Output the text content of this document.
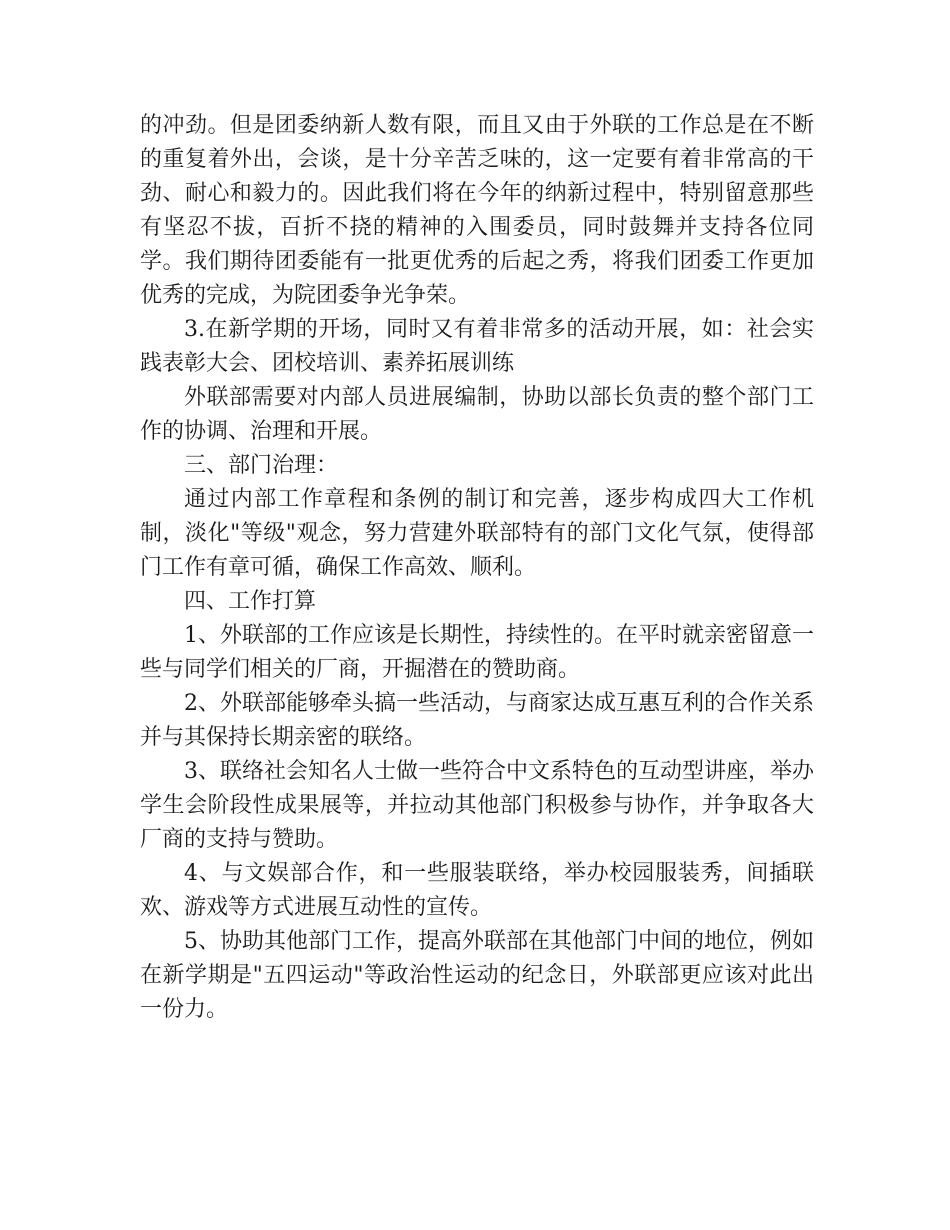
的冲劲。但是团委纳新人数有限，而且又由于外联的工作总是在不断的重复着外出，会谈，是十分辛苦乏味的，这一定要有着非常高的干劲、耐心和毅力的。因此我们将在今年的纳新过程中，特别留意那些有坚忍不拔，百折不挠的精神的入围委员，同时鼓舞并支持各位同学。我们期待团委能有一批更优秀的后起之秀，将我们团委工作更加优秀的完成，为院团委争光争荣。

3.在新学期的开场，同时又有着非常多的活动开展，如：社会实践表彰大会、团校培训、素养拓展训练

外联部需要对内部人员进展编制，协助以部长负责的整个部门工作的协调、治理和开展。

三、部门治理：

通过内部工作章程和条例的制订和完善，逐步构成四大工作机制，淡化"等级"观念，努力营建外联部特有的部门文化气氛，使得部门工作有章可循，确保工作高效、顺利。

四、工作打算

1、外联部的工作应该是长期性，持续性的。在平时就亲密留意一些与同学们相关的厂商，开掘潜在的赞助商。

2、外联部能够牵头搞一些活动，与商家达成互惠互利的合作关系并与其保持长期亲密的联络。

3、联络社会知名人士做一些符合中文系特色的互动型讲座，举办学生会阶段性成果展等，并拉动其他部门积极参与协作，并争取各大厂商的支持与赞助。

4、与文娱部合作，和一些服装联络，举办校园服装秀，间插联欢、游戏等方式进展互动性的宣传。

5、协助其他部门工作，提高外联部在其他部门中间的地位，例如在新学期是"五四运动"等政治性运动的纪念日，外联部更应该对此出一份力。
